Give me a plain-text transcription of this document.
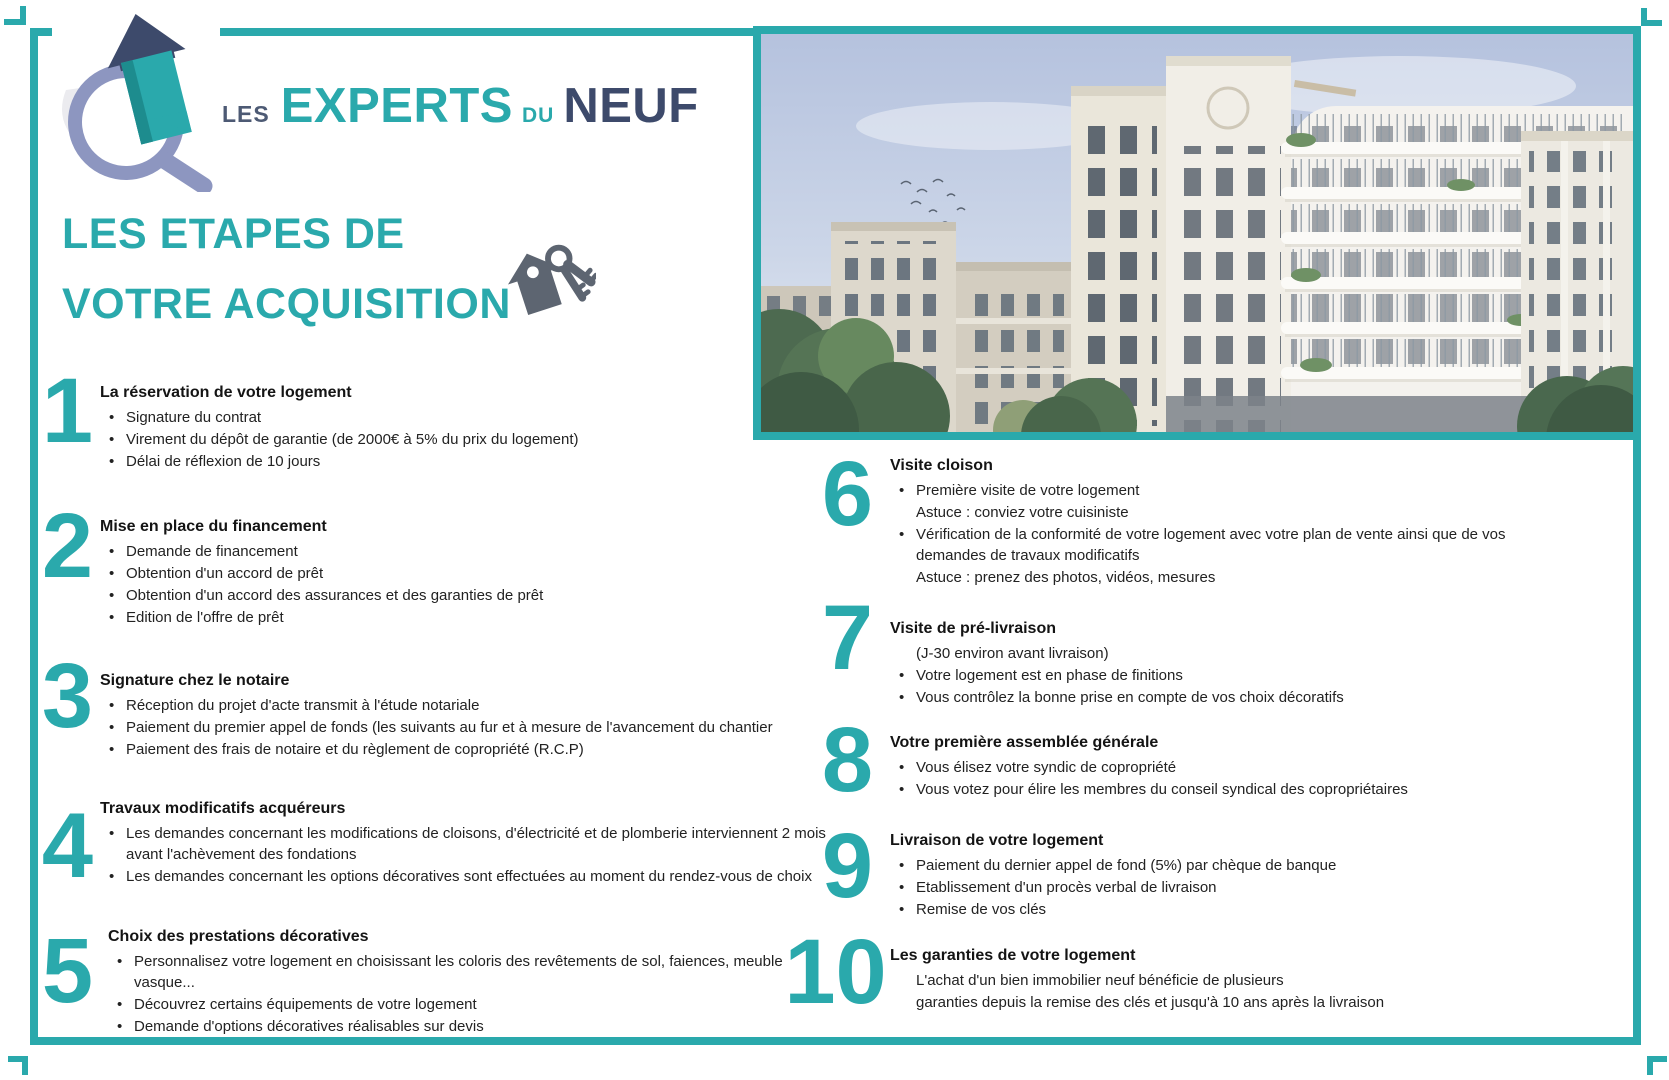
LES EXPERTS DU NEUF
LES ETAPES DE
VOTRE ACQUISITION
1
2
3
4
5
6
7
8
9
10
La réservation de votre logement
• Signature du contrat
• Virement du dépôt de garantie (de 2000€ à 5% du prix du logement)
• Délai de réflexion de 10 jours
Mise en place du financement
• Demande de financement
• Obtention d'un accord de prêt
• Obtention d'un accord des assurances et des garanties de prêt
• Edition de l'offre de prêt
Signature chez le notaire
• Réception du projet d'acte transmit à l'étude notariale
• Paiement du premier appel de fonds (les suivants au fur et à mesure de l'avancement du chantier
• Paiement des frais de notaire et du règlement de copropriété (R.C.P)
Travaux modificatifs acquéreurs
• Les demandes concernant les modifications de cloisons, d'électricité et de plomberie interviennent 2 mois avant l'achèvement des fondations
• Les demandes concernant les options décoratives sont effectuées au moment du rendez-vous de choix
Choix des prestations décoratives
• Personnalisez votre logement en choisissant les coloris des revêtements de sol, faiences, meuble vasque...
• Découvrez certains équipements de votre logement
• Demande d'options décoratives réalisables sur devis
Visite cloison
• Première visite de votre logement
Astuce : conviez votre cuisiniste
• Vérification de la conformité de votre logement avec votre plan de vente ainsi que de vos demandes de travaux modificatifs
Astuce : prenez des photos, vidéos, mesures
Visite de pré-livraison
(J-30 environ avant livraison)
• Votre logement est en phase de finitions
• Vous contrôlez la bonne prise en compte de vos choix décoratifs
Votre première assemblée générale
• Vous élisez votre syndic de copropriété
• Vous votez pour élire les membres du conseil syndical des copropriétaires
Livraison de votre logement
• Paiement du dernier appel de fond (5%) par chèque de banque
• Etablissement d'un procès verbal de livraison
• Remise de vos clés
Les garanties de votre logement
L'achat d'un bien immobilier neuf bénéficie de plusieurs
garanties depuis la remise des clés et jusqu'à 10 ans après la livraison
